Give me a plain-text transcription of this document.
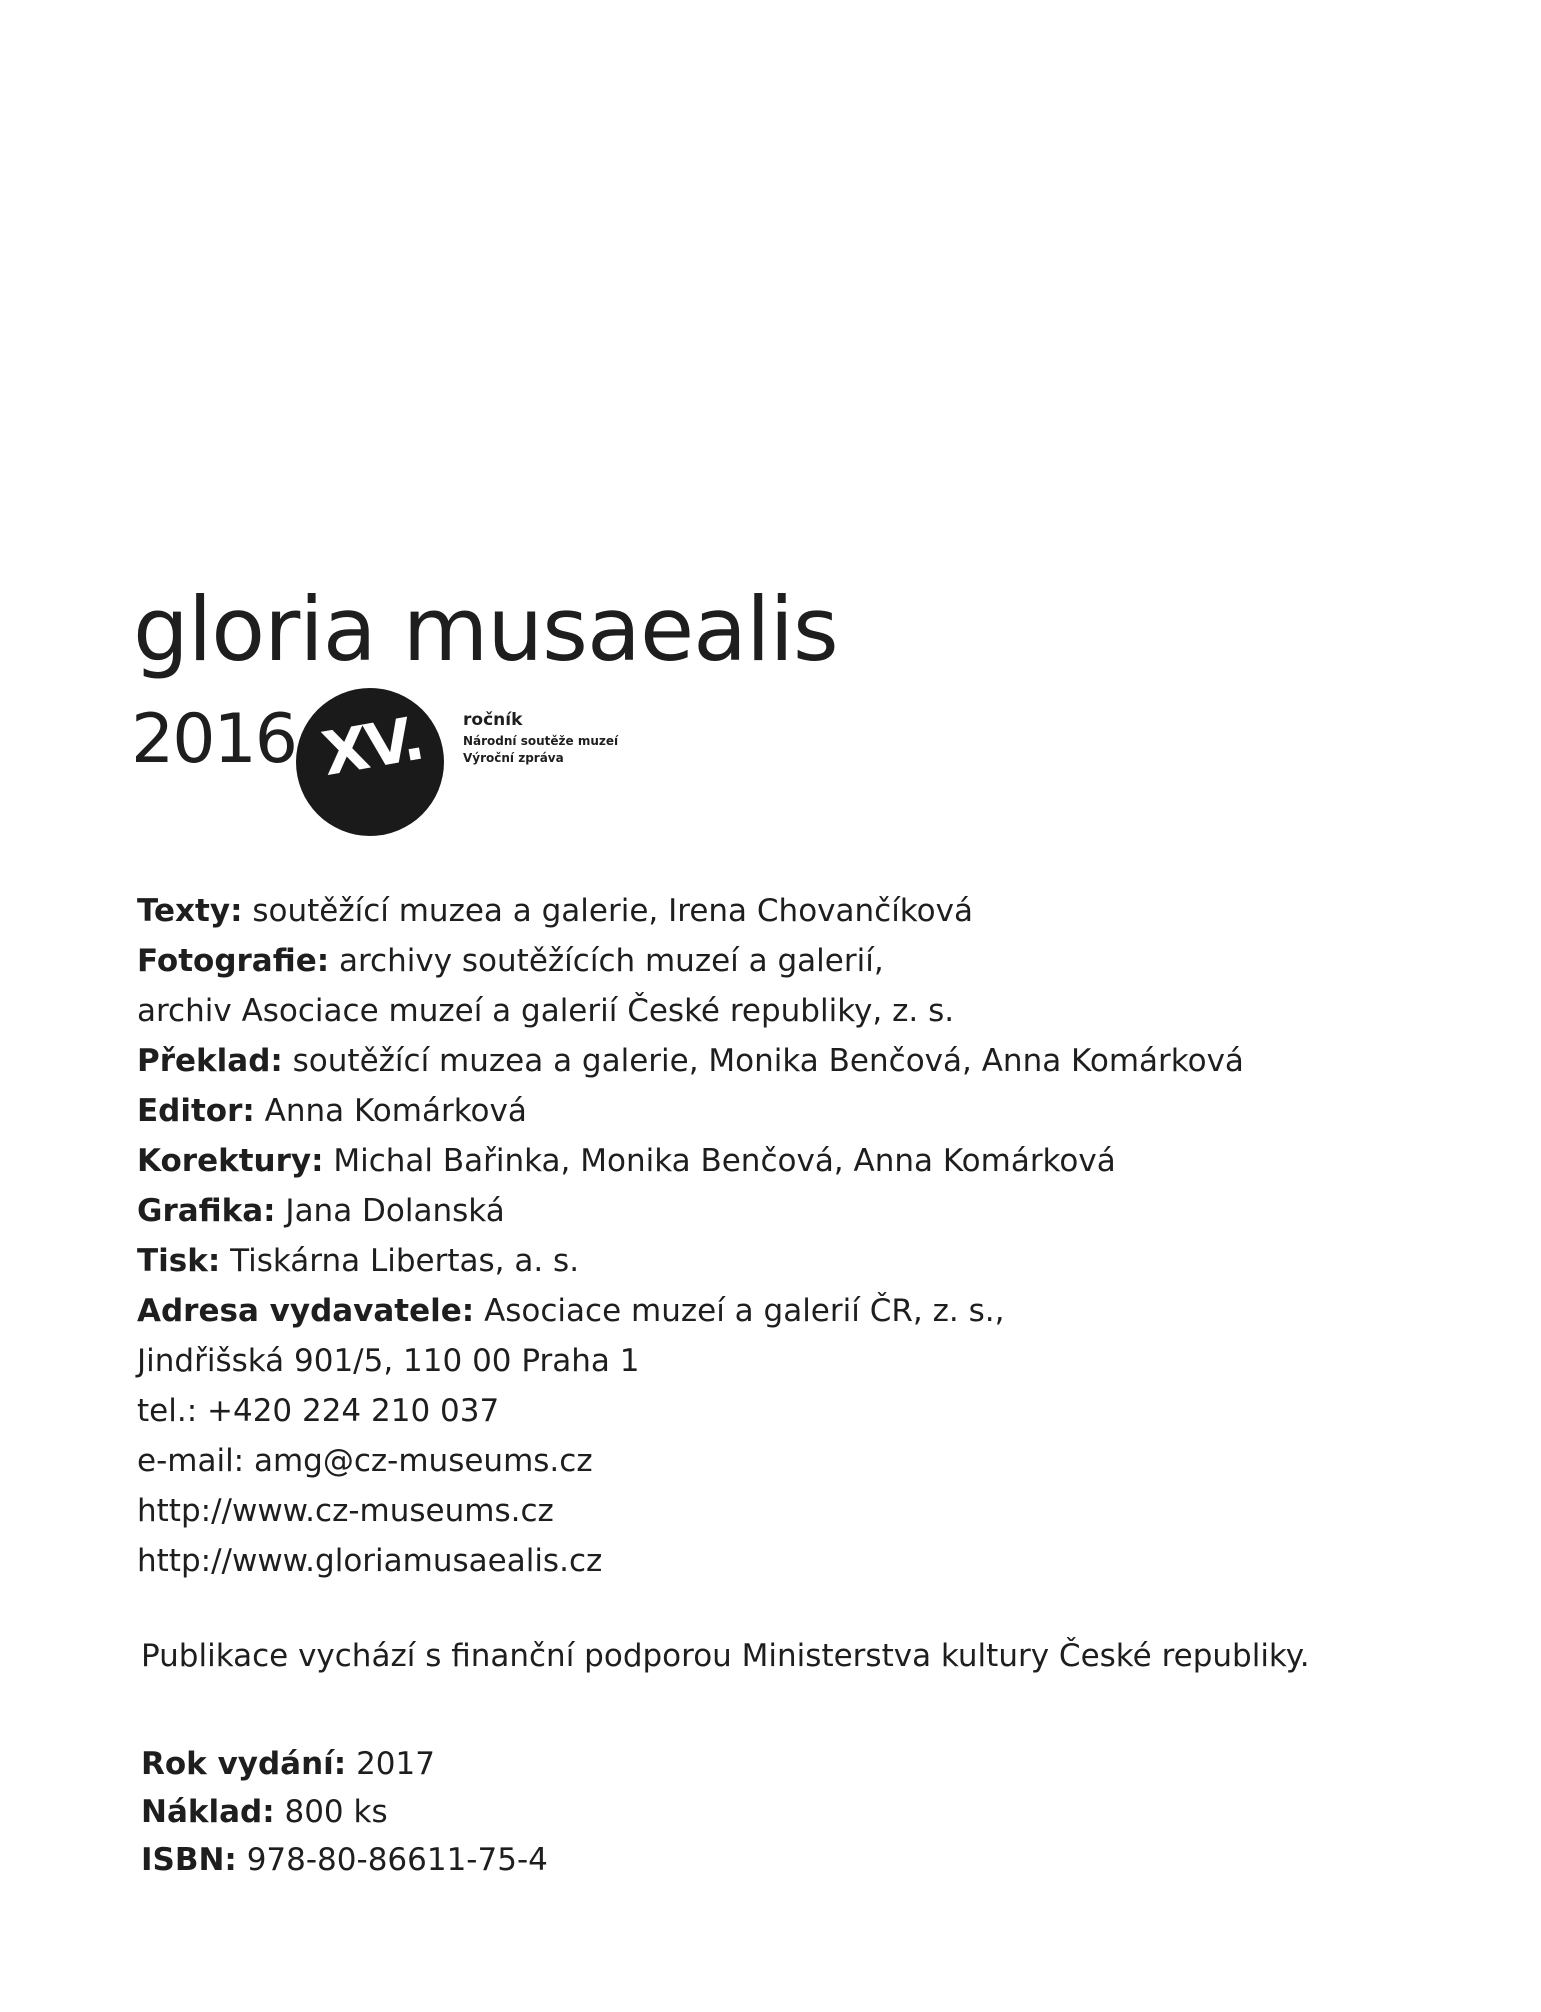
gloria musaealis
2016 XV. ročník
Národní soutěže muzeí
Výroční zpráva
Texty: soutěžící muzea a galerie, Irena Chovančíková
Fotografie: archivy soutěžících muzeí a galerií,
archiv Asociace muzeí a galerií České republiky, z. s.
Překlad: soutěžící muzea a galerie, Monika Benčová, Anna Komárková
Editor: Anna Komárková
Korektury: Michal Bařinka, Monika Benčová, Anna Komárková
Grafika: Jana Dolanská
Tisk: Tiskárna Libertas, a. s.
Adresa vydavatele: Asociace muzeí a galerií ČR, z. s.,
Jindřišská 901/5, 110 00 Praha 1
tel.: +420 224 210 037
e-mail: amg@cz-museums.cz
http://www.cz-museums.cz
http://www.gloriamusaealis.cz
Publikace vychází s finanční podporou Ministerstva kultury České republiky.
Rok vydání: 2017
Náklad: 800 ks
ISBN: 978-80-86611-75-4
